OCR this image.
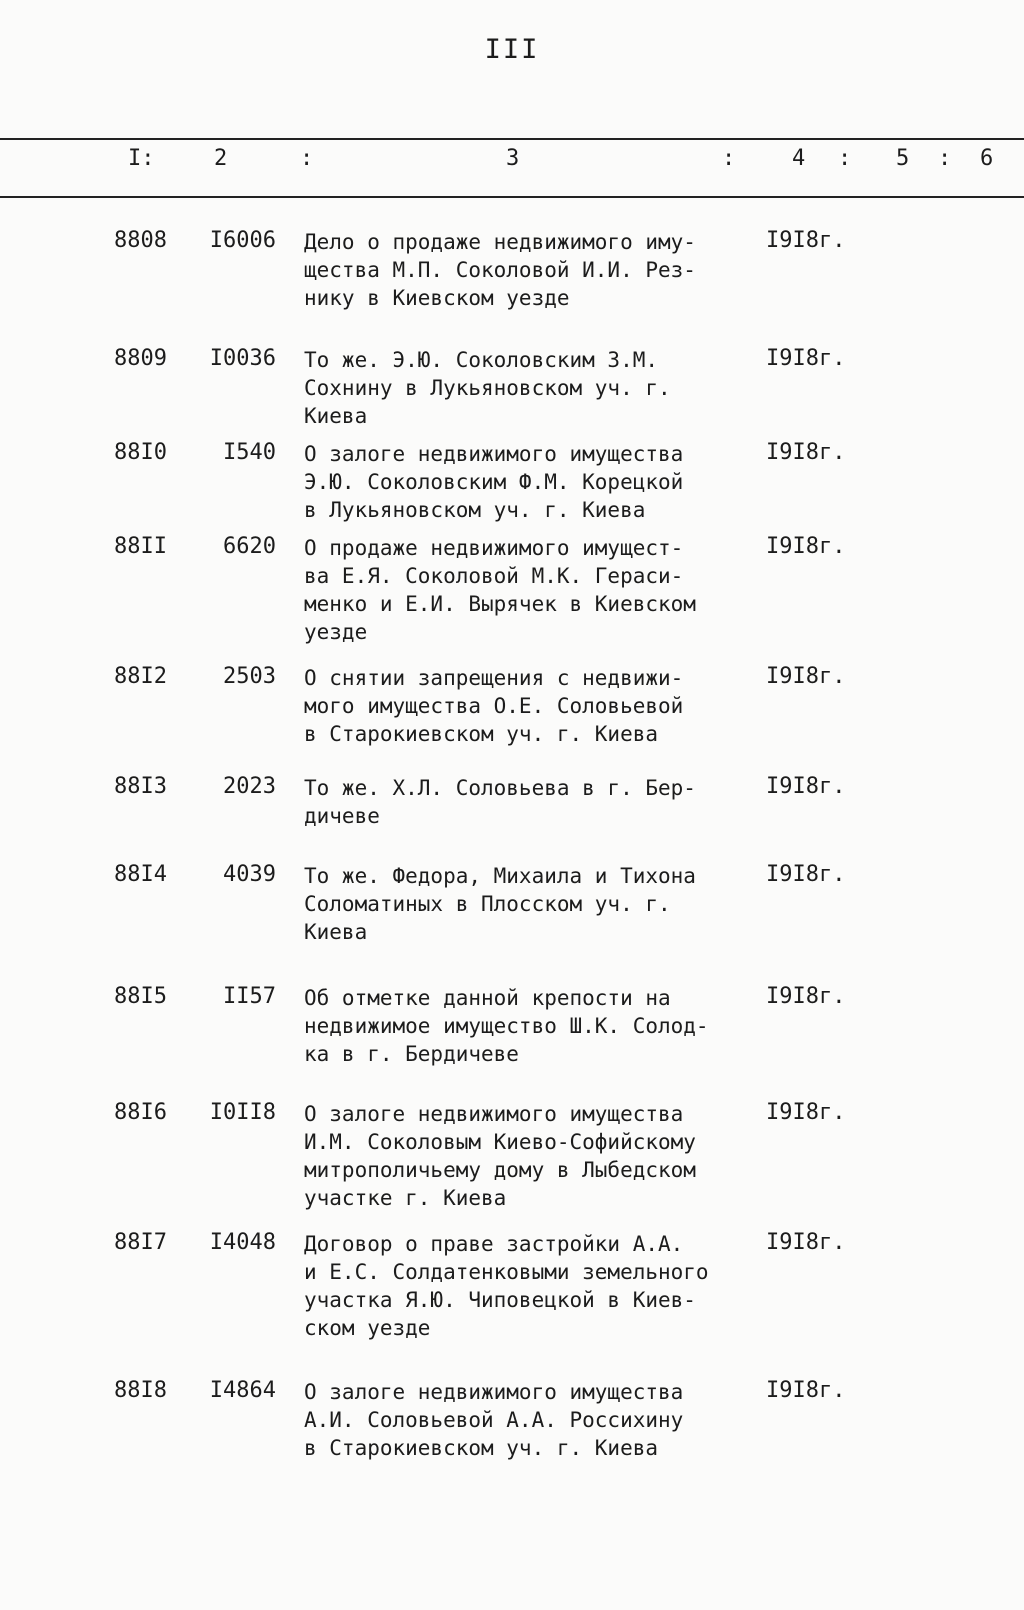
III
I:	2	:	3	:	4 : 5 : 6
8808	I6006 Дело о продаже недвижимого иму-
щества М.П. Соколовой И.И. Рез-
нику в Киевском уезде
I9I8г.
8809	I0036 То же. Э.Ю. Соколовским З.М.
Сохнину в Лукьяновском уч. г.
Киева
I9I8г.
88I0	I540 О залоге недвижимого имущества
Э.Ю. Соколовским Ф.М. Корецкой
в Лукьяновском уч. г. Киева
I9I8г.
88II	6620 О продаже недвижимого имущест-
ва Е.Я. Соколовой М.К. Гераси-
менко и Е.И. Вырячек в Киевском
уезде
I9I8г.
88I2	2503 О снятии запрещения с недвижи-
мого имущества О.Е. Соловьевой
в Старокиевском уч. г. Киева
I9I8г.
88I3	2023 То же. Х.Л. Соловьева в г. Бер-
дичеве
I9I8г.
88I4	4039 То же. Федора, Михаила и Тихона
Соломатиных в Плосском уч. г.
Киева
I9I8г.
88I5	II57 Об отметке данной крепости на
недвижимое имущество Ш.К. Солод-
ка в г. Бердичеве
I9I8г.
88I6	I0II8 О залоге недвижимого имущества
И.М. Соколовым Киево-Софийскому
митрополичьему дому в Лыбедском
участке г. Киева
I9I8г.
88I7	I4048 Договор о праве застройки А.А.
и Е.С. Солдатенковыми земельного
участка Я.Ю. Чиповецкой в Киев-
ском уезде
I9I8г.
88I8	I4864 О залоге недвижимого имущества
А.И. Соловьевой А.А. Россихину
в Старокиевском уч. г. Киева
I9I8г.
